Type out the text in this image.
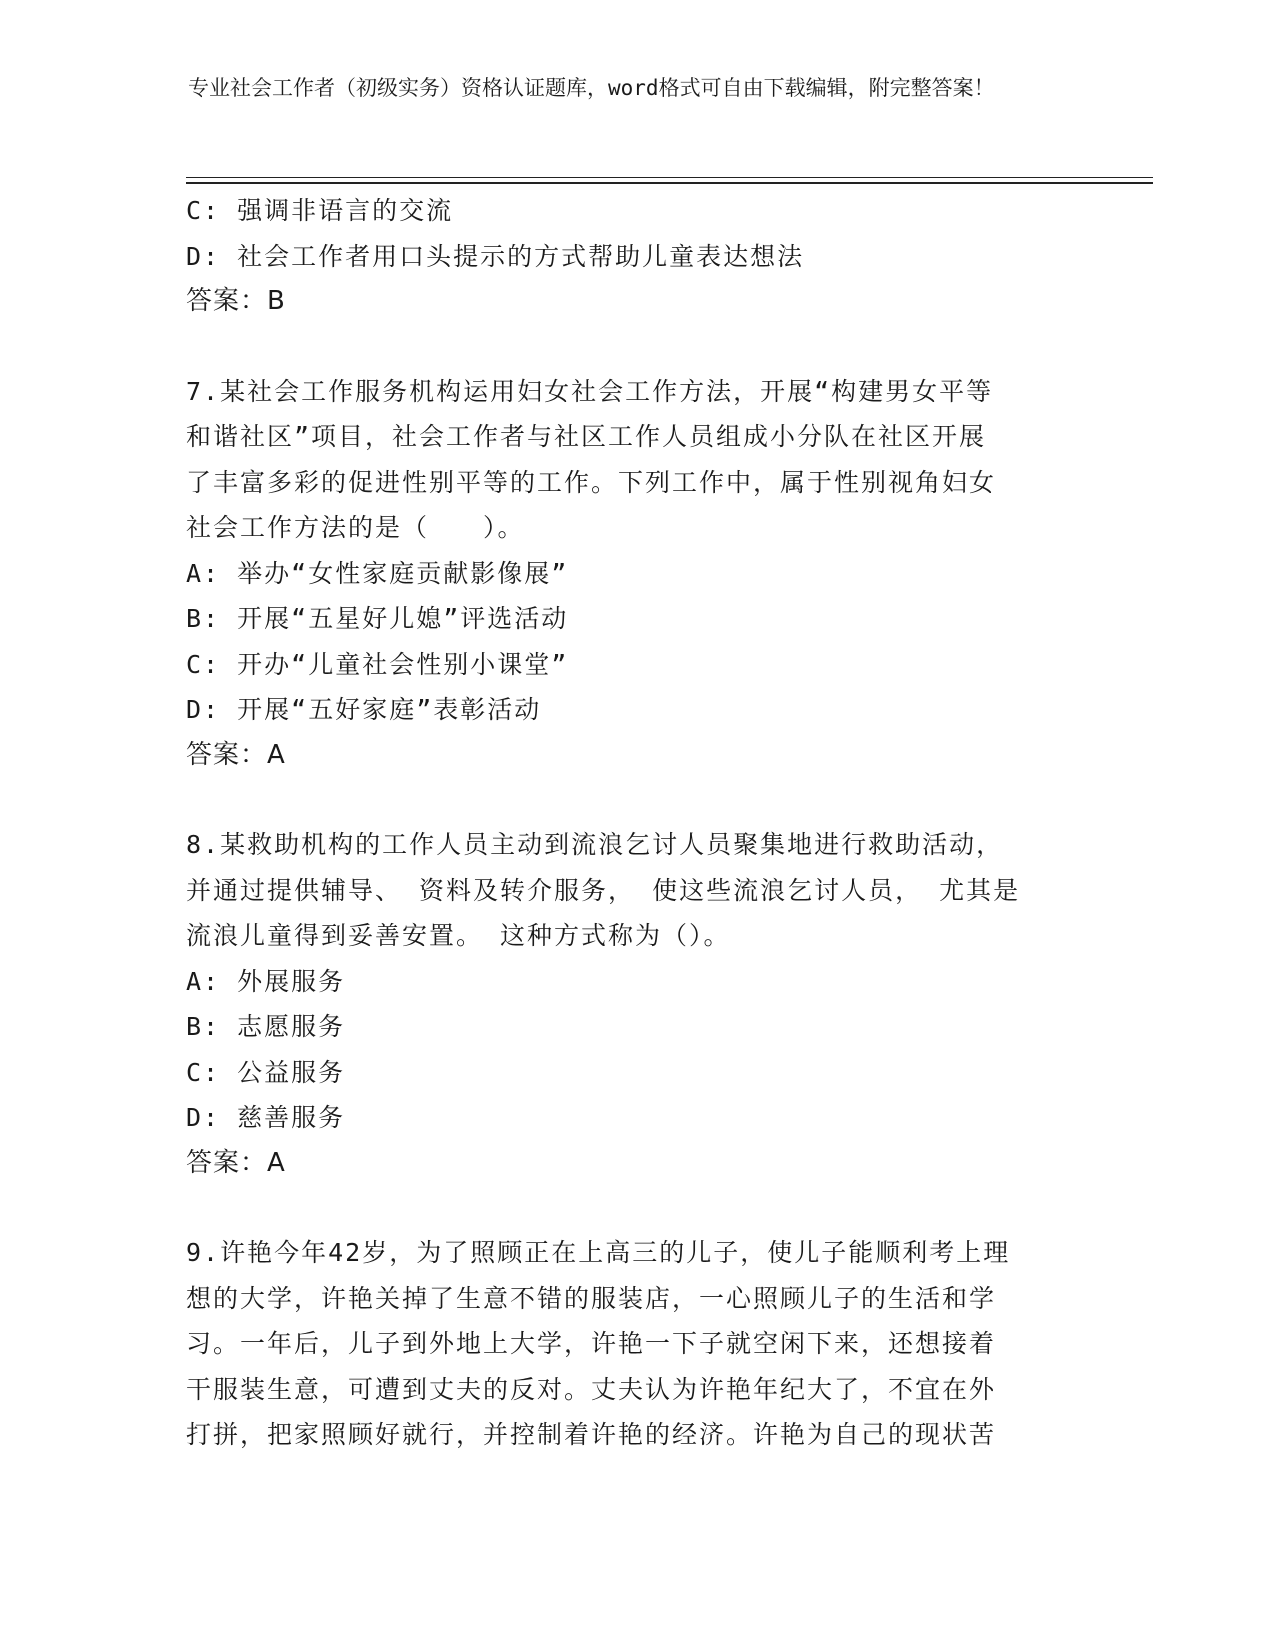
专业社会工作者（初级实务）资格认证题库，word格式可自由下载编辑，附完整答案！
C: 强调非语言的交流
D: 社会工作者用口头提示的方式帮助儿童表达想法
答案：B
7.某社会工作服务机构运用妇女社会工作方法，开展“构建男女平等
和谐社区”项目，社会工作者与社区工作人员组成小分队在社区开展
了丰富多彩的促进性别平等的工作。下列工作中，属于性别视角妇女
社会工作方法的是（　　）。
A: 举办“女性家庭贡献影像展”
B: 开展“五星好儿媳”评选活动
C: 开办“儿童社会性别小课堂”
D: 开展“五好家庭”表彰活动
答案：A
8.某救助机构的工作人员主动到流浪乞讨人员聚集地进行救助活动，
并通过提供辅导、 资料及转介服务， 使这些流浪乞讨人员， 尤其是
流浪儿童得到妥善安置。 这种方式称为（）。
A: 外展服务
B: 志愿服务
C: 公益服务
D: 慈善服务
答案：A
9.许艳今年42岁，为了照顾正在上高三的儿子，使儿子能顺利考上理
想的大学，许艳关掉了生意不错的服装店，一心照顾儿子的生活和学
习。一年后，儿子到外地上大学，许艳一下子就空闲下来，还想接着
干服装生意，可遭到丈夫的反对。丈夫认为许艳年纪大了，不宜在外
打拼，把家照顾好就行，并控制着许艳的经济。许艳为自己的现状苦
